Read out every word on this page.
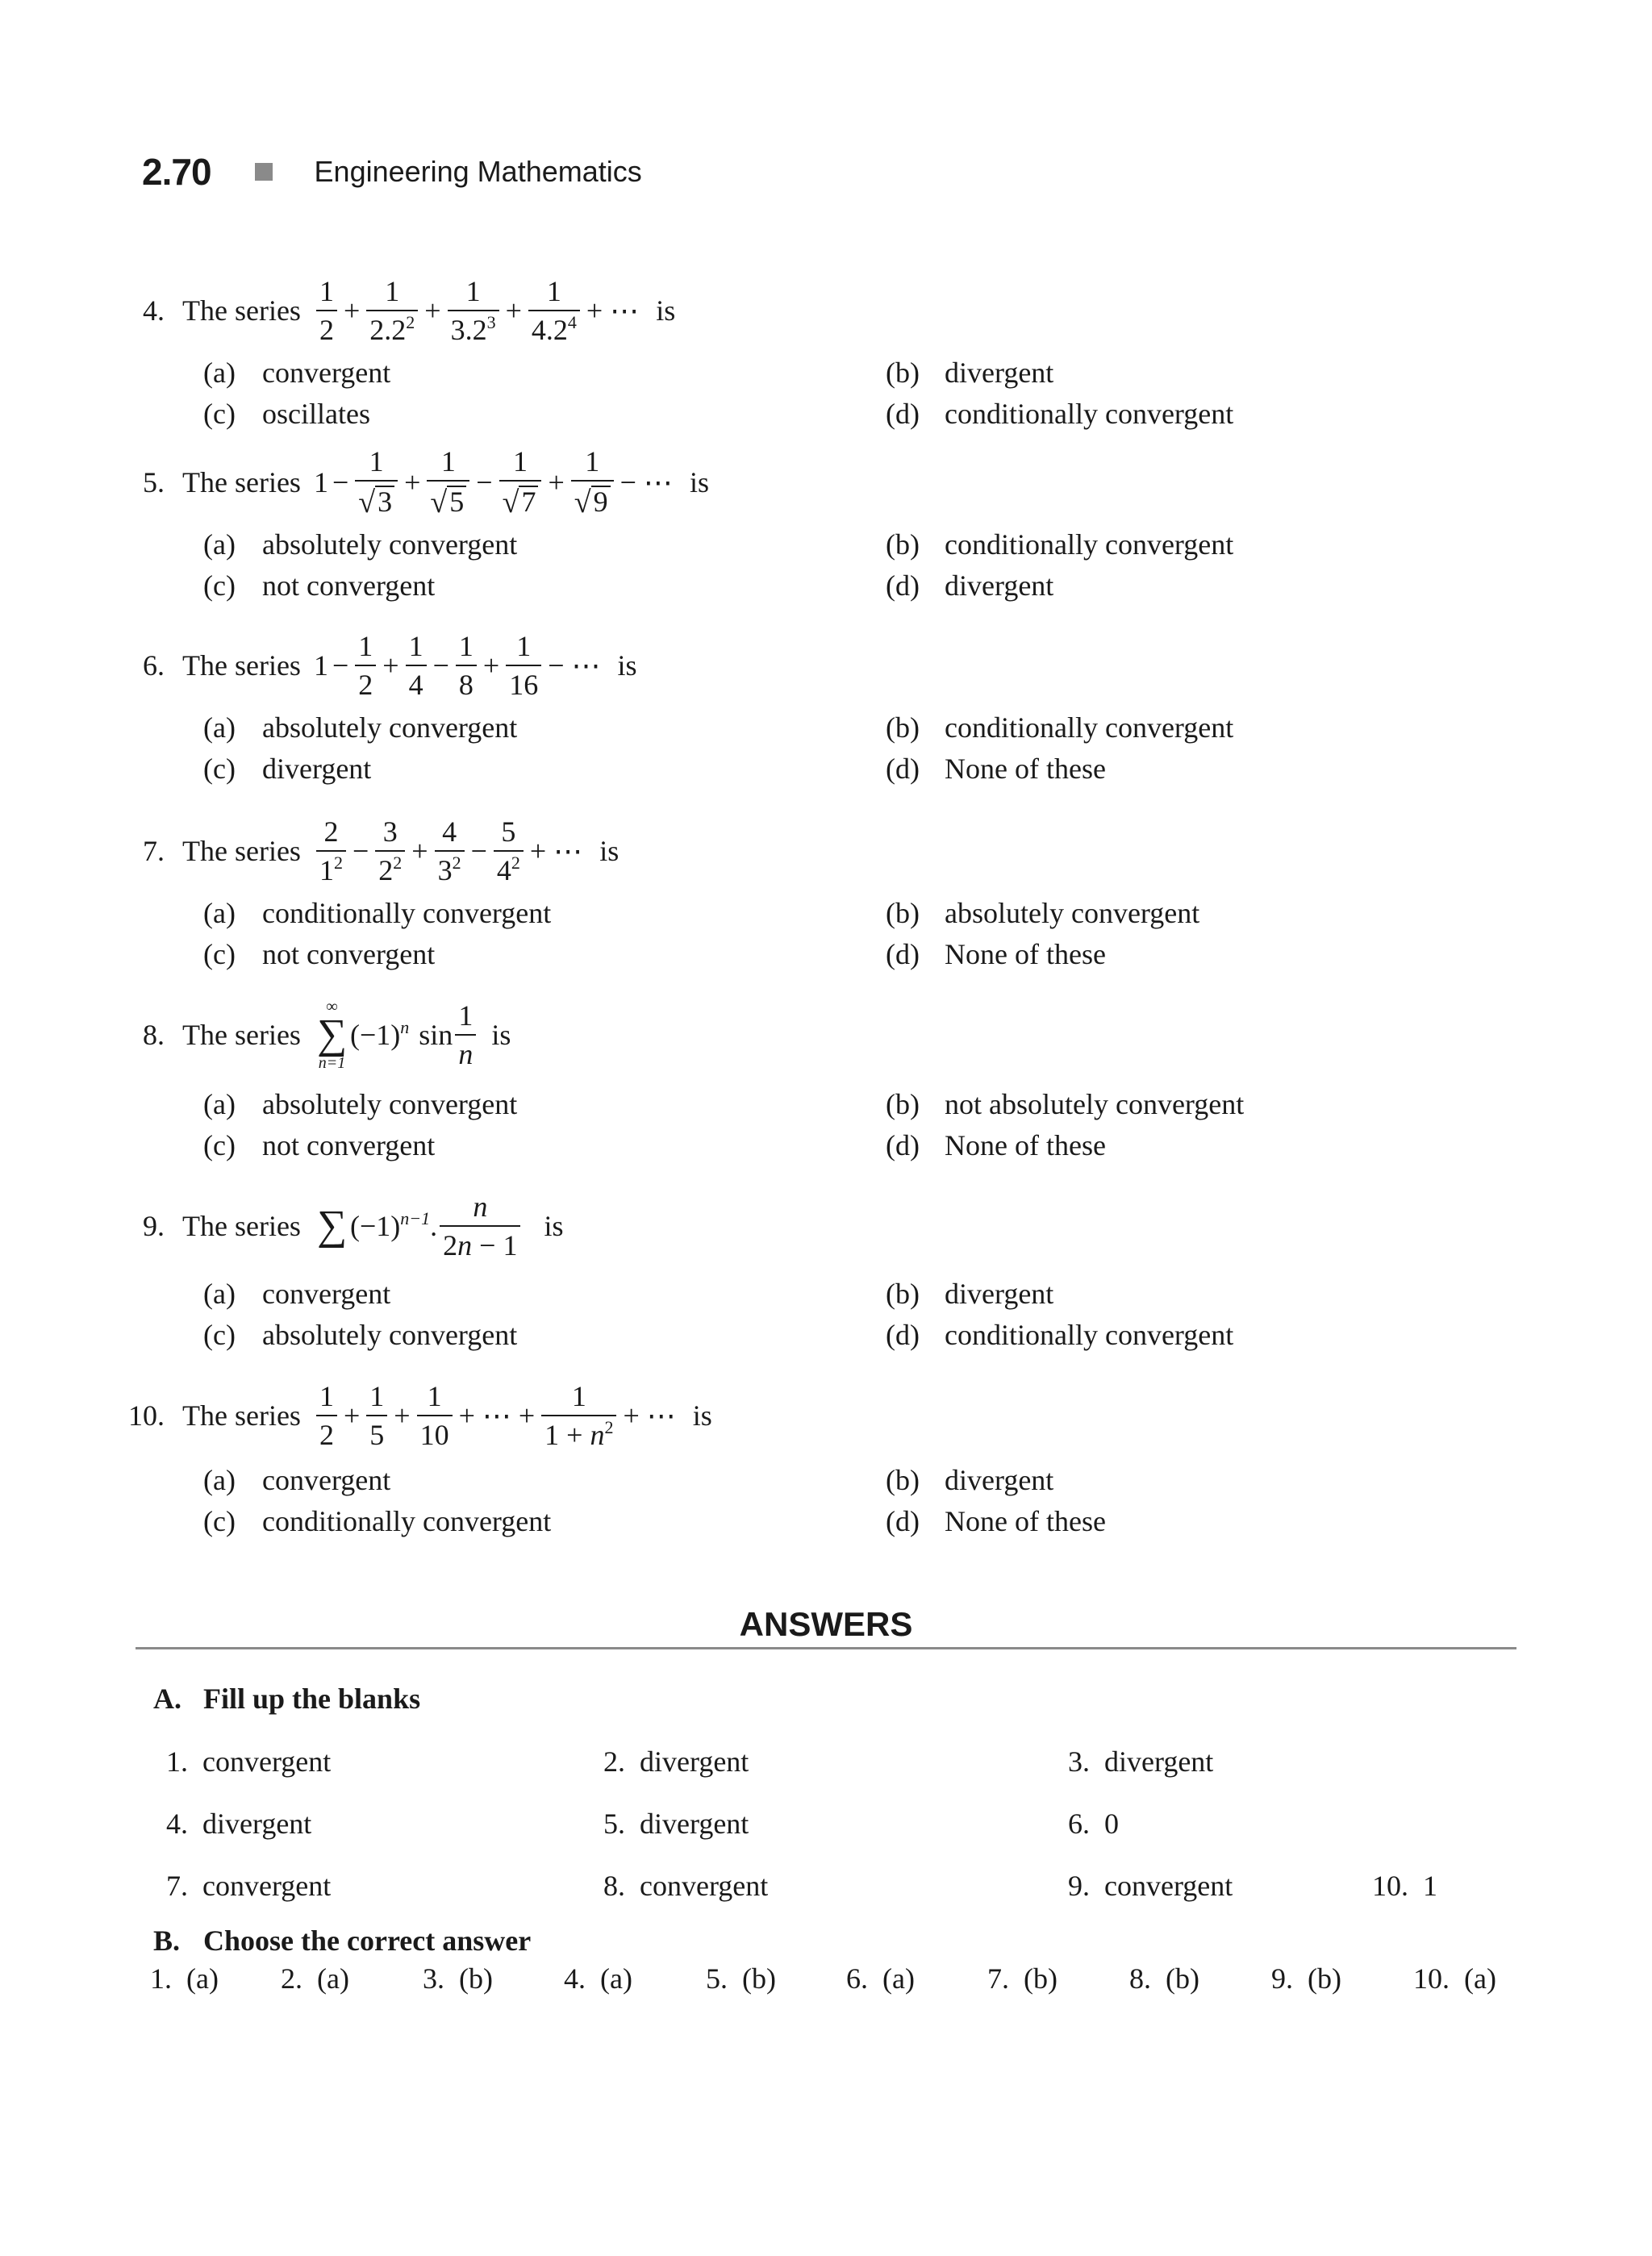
2.70	Engineering Mathematics
4. The series $\frac{1}{2} + \frac{1}{2.2^2} + \frac{1}{3.2^3} + \frac{1}{4.2^4}$ + ⋯ is
(a) convergent	(b) divergent
(c) oscillates	(d) conditionally convergent
5. The series $1 - \frac{1}{√ 3} + \frac{1}{√ 5} - \frac{1}{√ 7} + \frac{1}{√ 9}$ − ⋯ is
(a) absolutely convergent	(b) conditionally convergent
(c) not convergent	(d) divergent
6. The series $1 - \frac{1}{2} + \frac{1}{4} - \frac{1}{8} + \frac{1}{16}$ − ⋯ is
(a) absolutely convergent	(b) conditionally convergent
(c) divergent	(d) None of these
7. The series $\frac{2}{1^2} - \frac{3}{2^2} + \frac{4}{3^2} - \frac{5}{4^2}$ + ⋯ is
(a) conditionally convergent	(b) absolutely convergent
(c) not convergent	(d) None of these
8. The series
∞
∑
n=1
$(-1)^n$ $\sin \frac{1}{n}$ is
(a) absolutely convergent	(b) not absolutely convergent
(c) not convergent	(d) None of these
9. The series ∑ $(-1)^{n-1}$. $\frac{n}{2n - 1}$ is
(a) convergent	(b) divergent
(c) absolutely convergent	(d) conditionally convergent
10. The series $\frac{1}{2} + \frac{1}{5} + \frac{1}{10}$ + ⋯ + $\frac{1}{1 + n^2}$ + ⋯ is
(a) convergent	(b) divergent
(c) conditionally convergent	(d) None of these
ANSWERS
A. Fill up the blanks
1. convergent	2. divergent	3. divergent
4. divergent	5. divergent	6. 0
7. convergent	8. convergent	9. convergent	10. 1
B. Choose the correct answer
1. (a) 2. (a)	3. (b) 4. (a)	5. (b) 6. (a)	7. (b) 8. (b) 9. (b) 10. (a)
